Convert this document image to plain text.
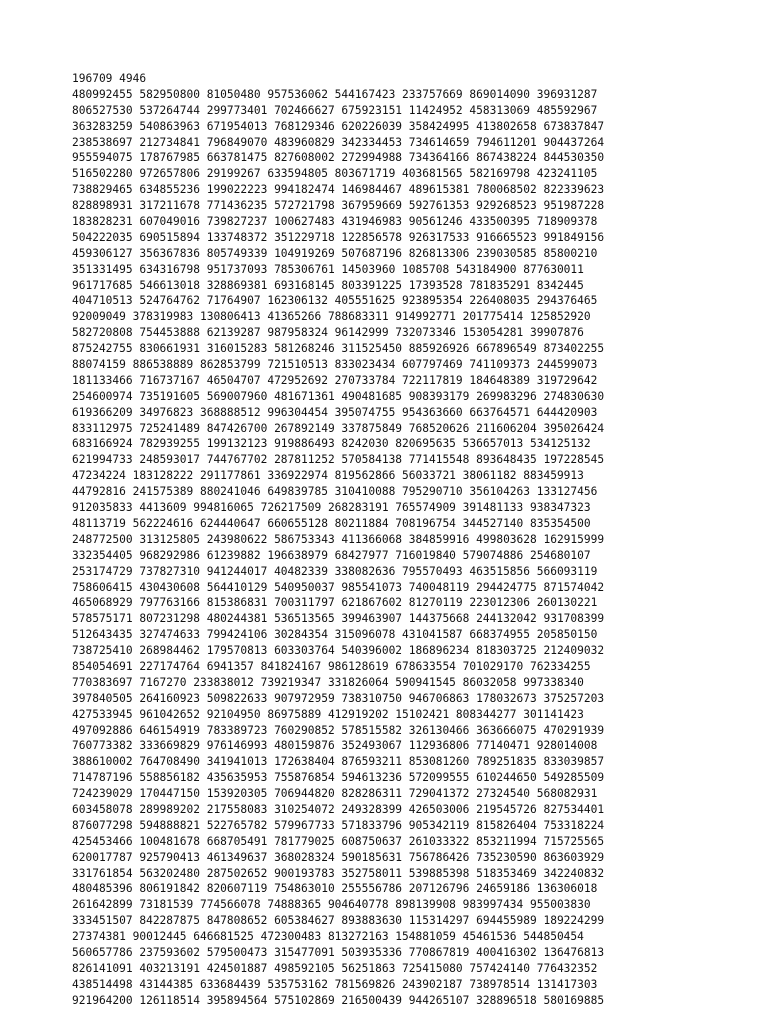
196709 4946
480992455 582950800 81050480 957536062 544167423 233757669 869014090 396931287
806527530 537264744 299773401 702466627 675923151 11424952 458313069 485592967
363283259 540863963 671954013 768129346 620226039 358424995 413802658 673837847
238538697 212734841 796849070 483960829 342334453 734614659 794611201 904437264
955594075 178767985 663781475 827608002 272994988 734364166 867438224 844530350
516502280 972657806 29199267 633594805 803671719 403681565 582169798 423241105
738829465 634855236 199022223 994182474 146984467 489615381 780068502 822339623
828898931 317211678 771436235 572721798 367959669 592761353 929268523 951987228
183828231 607049016 739827237 100627483 431946983 90561246 433500395 718909378
504222035 690515894 133748372 351229718 122856578 926317533 916665523 991849156
459306127 356367836 805749339 104919269 507687196 826813306 239030585 85800210
351331495 634316798 951737093 785306761 14503960 1085708 543184900 877630011
961717685 546613018 328869381 693168145 803391225 17393528 781835291 8342445
404710513 524764762 71764907 162306132 405551625 923895354 226408035 294376465
92009049 378319983 130806413 41365266 788683311 914992771 201775414 125852920
582720808 754453888 62139287 987958324 96142999 732073346 153054281 39907876
875242755 830661931 316015283 581268246 311525450 885926926 667896549 873402255
88074159 886538889 862853799 721510513 833023434 607797469 741109373 244599073
181133466 716737167 46504707 472952692 270733784 722117819 184648389 319729642
254600974 735191605 569007960 481671361 490481685 908393179 269983296 274830630
619366209 34976823 368888512 996304454 395074755 954363660 663764571 644420903
833112975 725241489 847426700 267892149 337875849 768520626 211606204 395026424
683166924 782939255 199132123 919886493 8242030 820695635 536657013 534125132
621994733 248593017 744767702 287811252 570584138 771415548 893648435 197228545
47234224 183128222 291177861 336922974 819562866 56033721 38061182 883459913
44792816 241575389 880241046 649839785 310410088 795290710 356104263 133127456
912035833 4413609 994816065 726217509 268283191 765574909 391481133 938347323
48113719 562224616 624440647 660655128 80211884 708196754 344527140 835354500
248772500 313125805 243980622 586753343 411366068 384859916 499803628 162915999
332354405 968292986 61239882 196638979 68427977 716019840 579074886 254680107
253174729 737827310 941244017 40482339 338082636 795570493 463515856 566093119
758606415 430430608 564410129 540950037 985541073 740048119 294424775 871574042
465068929 797763166 815386831 700311797 621867602 81270119 223012306 260130221
578575171 807231298 480244381 536513565 399463907 144375668 244132042 931708399
512643435 327474633 799424106 30284354 315096078 431041587 668374955 205850150
738725410 268984462 179570813 603303764 540396002 186896234 818303725 212409032
854054691 227174764 6941357 841824167 986128619 678633554 701029170 762334255
770383697 7167270 233838012 739219347 331826064 590941545 86032058 997338340
397840505 264160923 509822633 907972959 738310750 946706863 178032673 375257203
427533945 961042652 92104950 86975889 412919202 15102421 808344277 301141423
497092886 646154919 783389723 760290852 578515582 326130466 363666075 470291939
760773382 333669829 976146993 480159876 352493067 112936806 77140471 928014008
388610002 764708490 341941013 172638404 876593211 853081260 789251835 833039857
714787196 558856182 435635953 755876854 594613236 572099555 610244650 549285509
724239029 170447150 153920305 706944820 828286311 729041372 27324540 568082931
603458078 289989202 217558083 310254072 249328399 426503006 219545726 827534401
876077298 594888821 522765782 579967733 571833796 905342119 815826404 753318224
425453466 100481678 668705491 781779025 608750637 261033322 853211994 715725565
620017787 925790413 461349637 368028324 590185631 756786426 735230590 863603929
331761854 563202480 287502652 900193783 352758011 539885398 518353469 342240832
480485396 806191842 820607119 754863010 255556786 207126796 24659186 136306018
261642899 73181539 774566078 74888365 904640778 898139908 983997434 955003830
333451507 842287875 847808652 605384627 893883630 115314297 694455989 189224299
27374381 90012445 646681525 472300483 813272163 154881059 45461536 544850454
560657786 237593602 579500473 315477091 503935336 770867819 400416302 136476813
826141091 403213191 424501887 498592105 56251863 725415080 757424140 776432352
438514498 43144385 633684439 535753162 781569826 243902187 738978514 131417303
921964200 126118514 395894564 575102869 216500439 944265107 328896518 580169885
